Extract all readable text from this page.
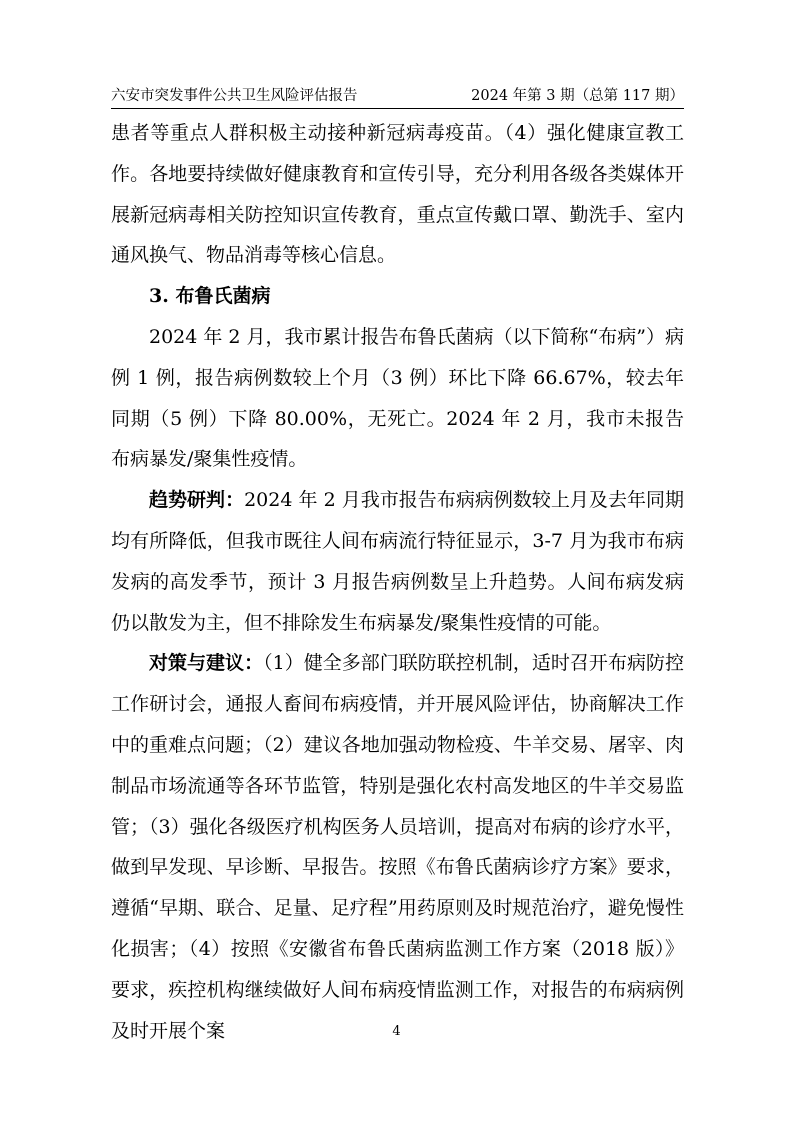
六安市突发事件公共卫生风险评估报告	2024 年第 3 期（总第 117 期）

患者等重点人群积极主动接种新冠病毒疫苗。（4）强化健康宣教工作。各地要持续做好健康教育和宣传引导，充分利用各级各类媒体开展新冠病毒相关防控知识宣传教育，重点宣传戴口罩、勤洗手、室内通风换气、物品消毒等核心信息。

3. 布鲁氏菌病

2024 年 2 月，我市累计报告布鲁氏菌病（以下简称“布病”）病例 1 例，报告病例数较上个月（3 例）环比下降 66.67%，较去年同期（5 例）下降 80.00%，无死亡。2024 年 2 月，我市未报告布病暴发/聚集性疫情。

趋势研判：2024 年 2 月我市报告布病病例数较上月及去年同期均有所降低，但我市既往人间布病流行特征显示，3-7 月为我市布病发病的高发季节，预计 3 月报告病例数呈上升趋势。人间布病发病仍以散发为主，但不排除发生布病暴发/聚集性疫情的可能。

对策与建议：（1）健全多部门联防联控机制，适时召开布病防控工作研讨会，通报人畜间布病疫情，并开展风险评估，协商解决工作中的重难点问题；（2）建议各地加强动物检疫、牛羊交易、屠宰、肉制品市场流通等各环节监管，特别是强化农村高发地区的牛羊交易监管；（3）强化各级医疗机构医务人员培训，提高对布病的诊疗水平，做到早发现、早诊断、早报告。按照《布鲁氏菌病诊疗方案》要求，遵循“早期、联合、足量、足疗程”用药原则及时规范治疗，避免慢性化损害；（4）按照《安徽省布鲁氏菌病监测工作方案（2018 版）》要求，疾控机构继续做好人间布病疫情监测工作，对报告的布病病例及时开展个案	4
